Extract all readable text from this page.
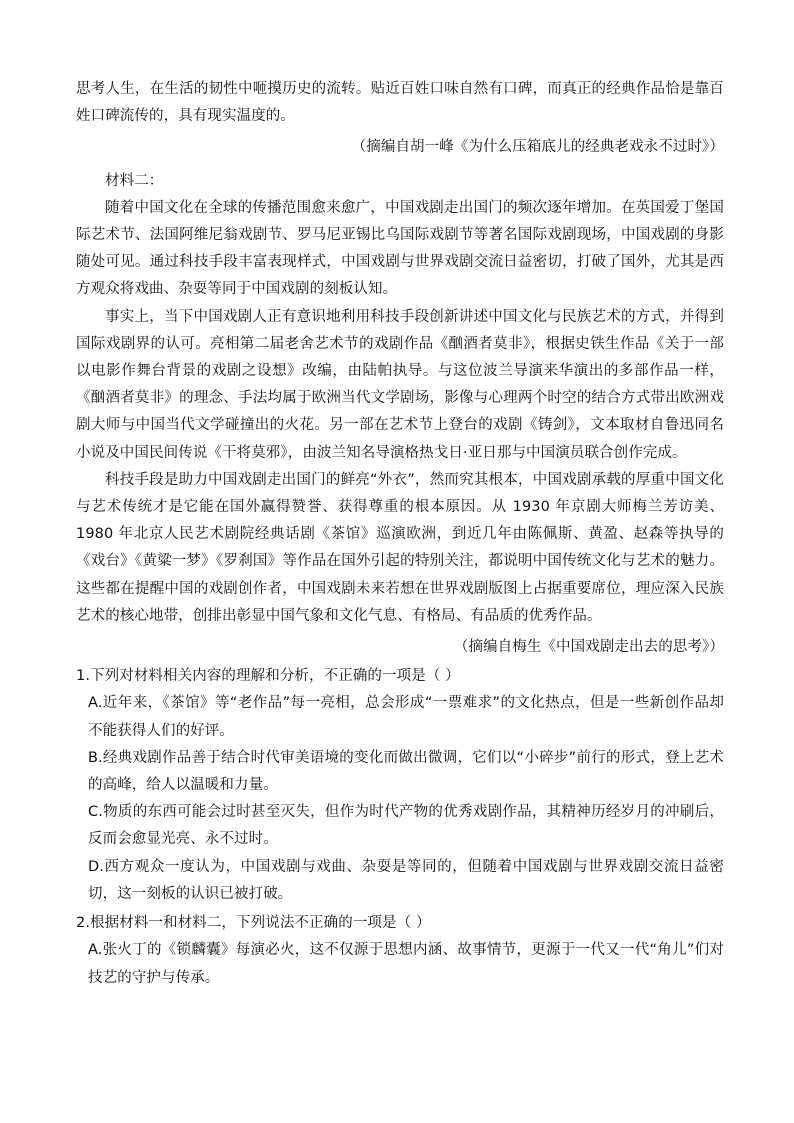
思考人生，在生活的韧性中咂摸历史的流转。贴近百姓口味自然有口碑，而真正的经典作品恰是靠百姓口碑流传的，具有现实温度的。

（摘编自胡一峰《为什么压箱底儿的经典老戏永不过时》）

材料二：

随着中国文化在全球的传播范围愈来愈广，中国戏剧走出国门的频次逐年增加。在英国爱丁堡国际艺术节、法国阿维尼翁戏剧节、罗马尼亚锡比乌国际戏剧节等著名国际戏剧现场，中国戏剧的身影随处可见。通过科技手段丰富表现样式，中国戏剧与世界戏剧交流日益密切，打破了国外，尤其是西方观众将戏曲、杂耍等同于中国戏剧的刻板认知。

事实上，当下中国戏剧人正有意识地利用科技手段创新讲述中国文化与民族艺术的方式，并得到国际戏剧界的认可。亮相第二届老舍艺术节的戏剧作品《酗酒者莫非》，根据史铁生作品《关于一部以电影作舞台背景的戏剧之设想》改编，由陆帕执导。与这位波兰导演来华演出的多部作品一样，《酗酒者莫非》的理念、手法均属于欧洲当代文学剧场，影像与心理两个时空的结合方式带出欧洲戏剧大师与中国当代文学碰撞出的火花。另一部在艺术节上登台的戏剧《铸剑》，文本取材自鲁迅同名小说及中国民间传说《干将莫邪》，由波兰知名导演格热戈日·亚日那与中国演员联合创作完成。

科技手段是助力中国戏剧走出国门的鲜亮“外衣”，然而究其根本，中国戏剧承载的厚重中国文化与艺术传统才是它能在国外赢得赞誉、获得尊重的根本原因。从 1930 年京剧大师梅兰芳访美、1980 年北京人民艺术剧院经典话剧《茶馆》巡演欧洲，到近几年由陈佩斯、黄盈、赵森等执导的《戏台》《黄粱一梦》《罗刹国》等作品在国外引起的特别关注，都说明中国传统文化与艺术的魅力。这些都在提醒中国的戏剧创作者，中国戏剧未来若想在世界戏剧版图上占据重要席位，理应深入民族艺术的核心地带，创排出彰显中国气象和文化气息、有格局、有品质的优秀作品。

（摘编自梅生《中国戏剧走出去的思考》）

1.下列对材料相关内容的理解和分析，不正确的一项是（ ）

A.近年来，《茶馆》等“老作品”每一亮相，总会形成“一票难求”的文化热点，但是一些新创作品却不能获得人们的好评。

B.经典戏剧作品善于结合时代审美语境的变化而做出微调，它们以“小碎步”前行的形式，登上艺术的高峰，给人以温暖和力量。

C.物质的东西可能会过时甚至灭失，但作为时代产物的优秀戏剧作品，其精神历经岁月的冲刷后，反而会愈显光亮、永不过时。

D.西方观众一度认为，中国戏剧与戏曲、杂耍是等同的，但随着中国戏剧与世界戏剧交流日益密切，这一刻板的认识已被打破。

2.根据材料一和材料二，下列说法不正确的一项是（ ）

A.张火丁的《锁麟囊》每演必火，这不仅源于思想内涵、故事情节，更源于一代又一代“角儿”们对技艺的守护与传承。
